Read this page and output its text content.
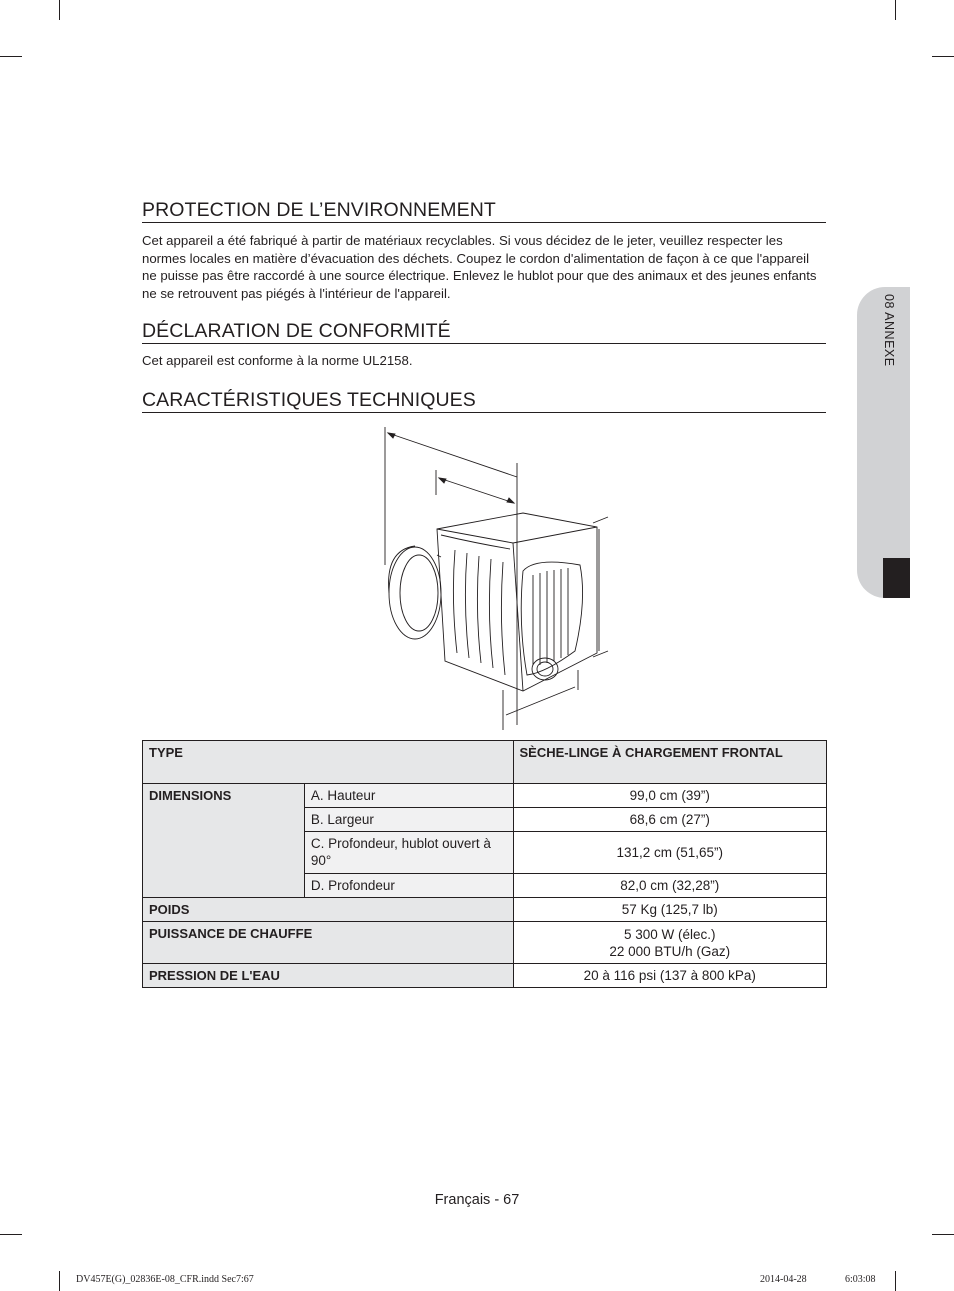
08 ANNEXE
PROTECTION DE L’ENVIRONNEMENT

Cet appareil a été fabriqué à partir de matériaux recyclables. Si vous décidez de le jeter, veuillez respecter les normes locales en matière d’évacuation des déchets. Coupez le cordon d'alimentation de façon à ce que l'appareil ne puisse pas être raccordé à une source électrique. Enlevez le hublot pour que des animaux et des jeunes enfants ne se retrouvent pas piégés à l'intérieur de l'appareil.

DÉCLARATION DE CONFORMITÉ

Cet appareil est conforme à la norme UL2158.

CARACTÉRISTIQUES TECHNIQUES
TYPE		SÈCHE-LINGE À CHARGEMENT FRONTAL
DIMENSIONS	A. Hauteur	99,0 cm (39”)
	B. Largeur	68,6 cm (27”)
	C. Profondeur, hublot ouvert à 90°	131,2 cm (51,65”)
	D. Profondeur	82,0 cm (32,28”)
POIDS		57 Kg (125,7 lb)
PUISSANCE DE CHAUFFE		5 300 W (élec.)
22 000 BTU/h (Gaz)

PRESSION DE L'EAU		20 à 116 psi (137 à 800 kPa)
Français - 67
DV457E(G)_02836E-08_CFR.indd Sec7:67	2014-04-28	6:03:08
